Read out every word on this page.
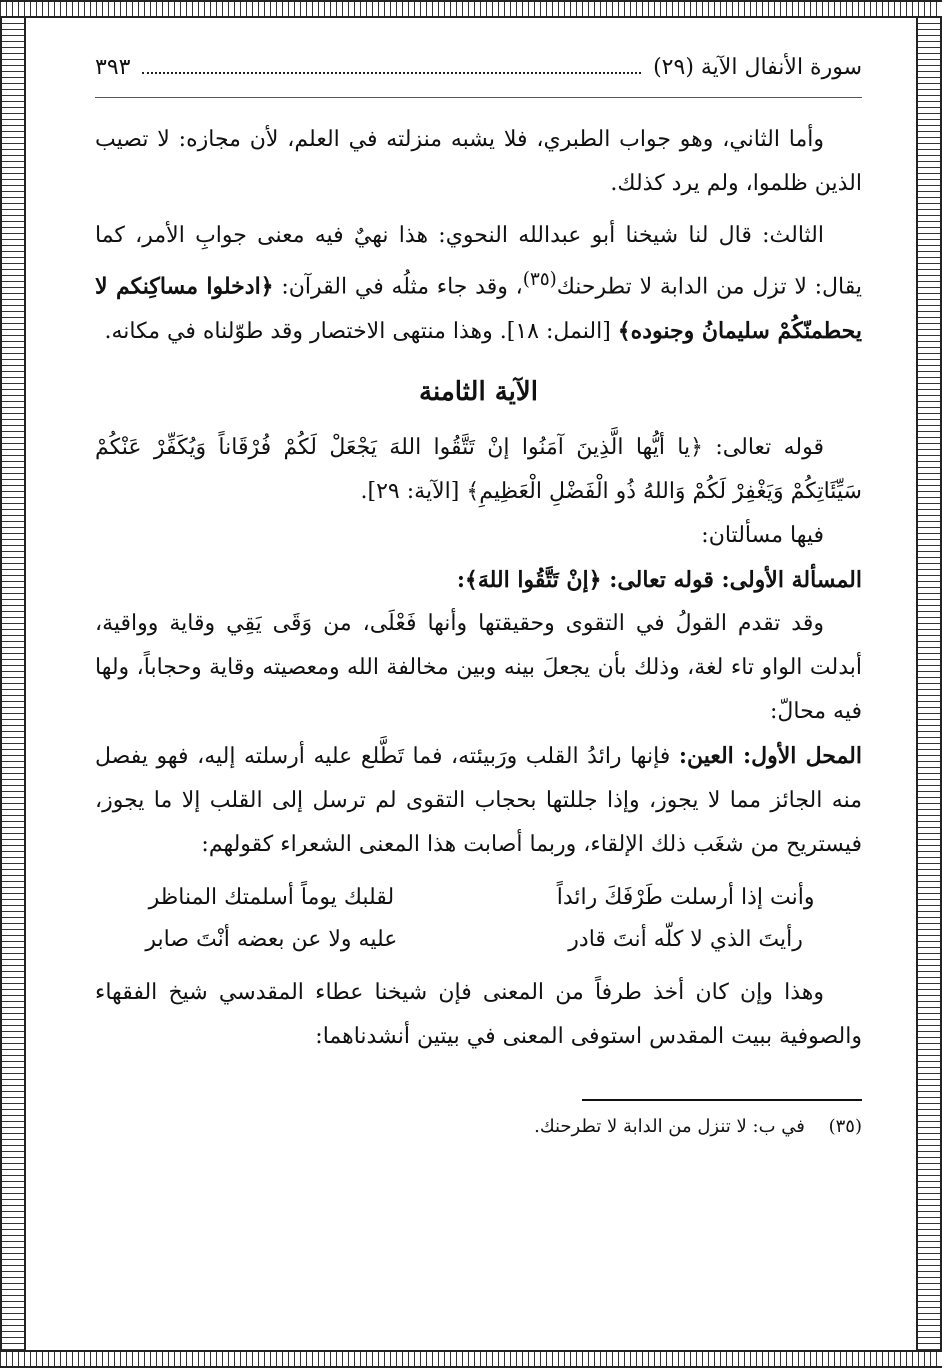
سورة الأنفال الآية (٢٩)
٣٩٣

وأما الثاني، وهو جواب الطبري، فلا يشبه منزلته في العلم، لأن مجازه: لا تصيب الذين ظلموا، ولم يرد كذلك.

الثالث: قال لنا شيخنا أبو عبدالله النحوي: هذا نهيٌ فيه معنى جوابِ الأمر، كما يقال: لا تزل من الدابة لا تطرحنك$^{(٣٥)}$، وقد جاء مثلُه في القرآن: ﴿ادخلوا مساكِنكم لا يحطمنّكُمْ سليمانُ وجنوده﴾ [النمل: ١٨]. وهذا منتهى الاختصار وقد طوّلناه في مكانه.

الآية الثامنة

قوله تعالى: ﴿يا أيُّها الَّذِينَ آمَنُوا إنْ تَتَّقُوا اللهَ يَجْعَلْ لَكُمْ فُرْقَاناً وَيُكَفِّرْ عَنْكُمْ سَيِّئَاتِكُمْ وَيَغْفِرْ لَكُمْ وَاللهُ ذُو الْفَضْلِ الْعَظِيمِ﴾ [الآية: ٢٩].

فيها مسألتان:

المسألة الأولى: قوله تعالى: ﴿إنْ تَتَّقُوا اللهَ﴾:

وقد تقدم القولُ في التقوى وحقيقتها وأنها فَعْلَى، من وَقَى يَقِي وقاية وواقية، أبدلت الواو تاء لغة، وذلك بأن يجعلَ بينه وبين مخالفة الله ومعصيته وقاية وحجاباً، ولها فيه محالّ:

المحل الأول: العين: فإنها رائدُ القلب ورَبيئته، فما تَطَّلع عليه أرسلته إليه، فهو يفصل منه الجائز مما لا يجوز، وإذا جللتها بحجاب التقوى لم ترسل إلى القلب إلا ما يجوز، فيستريح من شغَب ذلك الإلقاء، وربما أصابت هذا المعنى الشعراء كقولهم:

وأنت إذا أرسلت طَرْفَكَ رائداً
لقلبك يوماً أسلمتك المناظر
رأيتَ الذي لا كلّه أنتَ قادر
عليه ولا عن بعضه أنْتَ صابر

وهذا وإن كان أخذ طرفاً من المعنى فإن شيخنا عطاء المقدسي شيخ الفقهاء والصوفية ببيت المقدس استوفى المعنى في بيتين أنشدناهما:

(٣٥) في ب: لا تنزل من الدابة لا تطرحنك.
